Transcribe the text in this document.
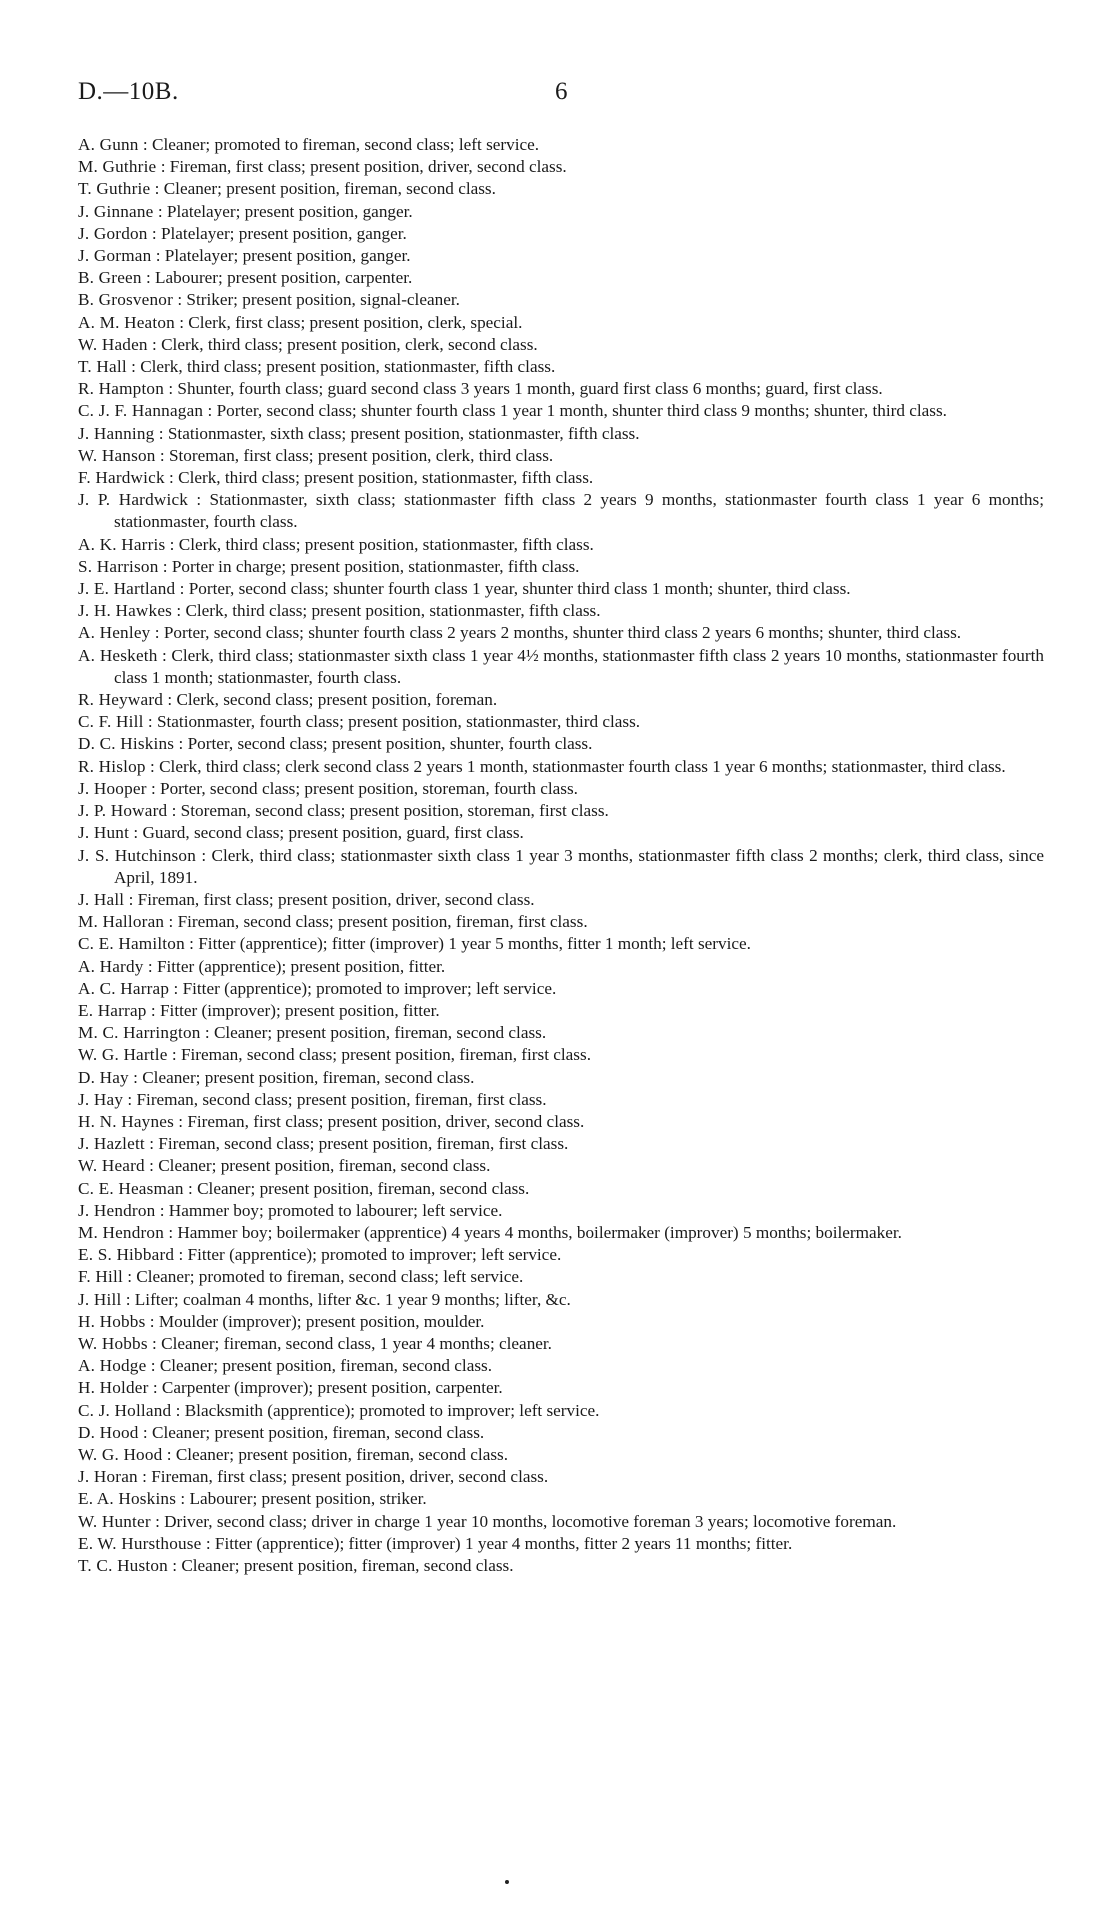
D.—10B.	6
A. Gunn : Cleaner; promoted to fireman, second class; left service.
M. Guthrie : Fireman, first class; present position, driver, second class.
T. Guthrie : Cleaner; present position, fireman, second class.
J. Ginnane : Platelayer; present position, ganger.
J. Gordon : Platelayer; present position, ganger.
J. Gorman : Platelayer; present position, ganger.
B. Green : Labourer; present position, carpenter.
B. Grosvenor : Striker; present position, signal-cleaner.
A. M. Heaton : Clerk, first class; present position, clerk, special.
W. Haden : Clerk, third class; present position, clerk, second class.
T. Hall : Clerk, third class; present position, stationmaster, fifth class.
R. Hampton : Shunter, fourth class; guard second class 3 years 1 month, guard first class 6 months; guard, first class.
C. J. F. Hannagan : Porter, second class; shunter fourth class 1 year 1 month, shunter third class 9 months; shunter, third class.
J. Hanning : Stationmaster, sixth class; present position, stationmaster, fifth class.
W. Hanson : Storeman, first class; present position, clerk, third class.
F. Hardwick : Clerk, third class; present position, stationmaster, fifth class.
J. P. Hardwick : Stationmaster, sixth class; stationmaster fifth class 2 years 9 months, stationmaster fourth class 1 year 6 months; stationmaster, fourth class.
A. K. Harris : Clerk, third class; present position, stationmaster, fifth class.
S. Harrison : Porter in charge; present position, stationmaster, fifth class.
J. E. Hartland : Porter, second class; shunter fourth class 1 year, shunter third class 1 month; shunter, third class.
J. H. Hawkes : Clerk, third class; present position, stationmaster, fifth class.
A. Henley : Porter, second class; shunter fourth class 2 years 2 months, shunter third class 2 years 6 months; shunter, third class.
A. Hesketh : Clerk, third class; stationmaster sixth class 1 year 4½ months, stationmaster fifth class 2 years 10 months, stationmaster fourth class 1 month; stationmaster, fourth class.
R. Heyward : Clerk, second class; present position, foreman.
C. F. Hill : Stationmaster, fourth class; present position, stationmaster, third class.
D. C. Hiskins : Porter, second class; present position, shunter, fourth class.
R. Hislop : Clerk, third class; clerk second class 2 years 1 month, stationmaster fourth class 1 year 6 months; stationmaster, third class.
J. Hooper : Porter, second class; present position, storeman, fourth class.
J. P. Howard : Storeman, second class; present position, storeman, first class.
J. Hunt : Guard, second class; present position, guard, first class.
J. S. Hutchinson : Clerk, third class; stationmaster sixth class 1 year 3 months, stationmaster fifth class 2 months; clerk, third class, since April, 1891.
J. Hall : Fireman, first class; present position, driver, second class.
M. Halloran : Fireman, second class; present position, fireman, first class.
C. E. Hamilton : Fitter (apprentice); fitter (improver) 1 year 5 months, fitter 1 month; left service.
A. Hardy : Fitter (apprentice); present position, fitter.
A. C. Harrap : Fitter (apprentice); promoted to improver; left service.
E. Harrap : Fitter (improver); present position, fitter.
M. C. Harrington : Cleaner; present position, fireman, second class.
W. G. Hartle : Fireman, second class; present position, fireman, first class.
D. Hay : Cleaner; present position, fireman, second class.
J. Hay : Fireman, second class; present position, fireman, first class.
H. N. Haynes : Fireman, first class; present position, driver, second class.
J. Hazlett : Fireman, second class; present position, fireman, first class.
W. Heard : Cleaner; present position, fireman, second class.
C. E. Heasman : Cleaner; present position, fireman, second class.
J. Hendron : Hammer boy; promoted to labourer; left service.
M. Hendron : Hammer boy; boilermaker (apprentice) 4 years 4 months, boilermaker (improver) 5 months; boilermaker.
E. S. Hibbard : Fitter (apprentice); promoted to improver; left service.
F. Hill : Cleaner; promoted to fireman, second class; left service.
J. Hill : Lifter; coalman 4 months, lifter &c. 1 year 9 months; lifter, &c.
H. Hobbs : Moulder (improver); present position, moulder.
W. Hobbs : Cleaner; fireman, second class, 1 year 4 months; cleaner.
A. Hodge : Cleaner; present position, fireman, second class.
H. Holder : Carpenter (improver); present position, carpenter.
C. J. Holland : Blacksmith (apprentice); promoted to improver; left service.
D. Hood : Cleaner; present position, fireman, second class.
W. G. Hood : Cleaner; present position, fireman, second class.
J. Horan : Fireman, first class; present position, driver, second class.
E. A. Hoskins : Labourer; present position, striker.
W. Hunter : Driver, second class; driver in charge 1 year 10 months, locomotive foreman 3 years; locomotive foreman.
E. W. Hursthouse : Fitter (apprentice); fitter (improver) 1 year 4 months, fitter 2 years 11 months; fitter.
T. C. Huston : Cleaner; present position, fireman, second class.
